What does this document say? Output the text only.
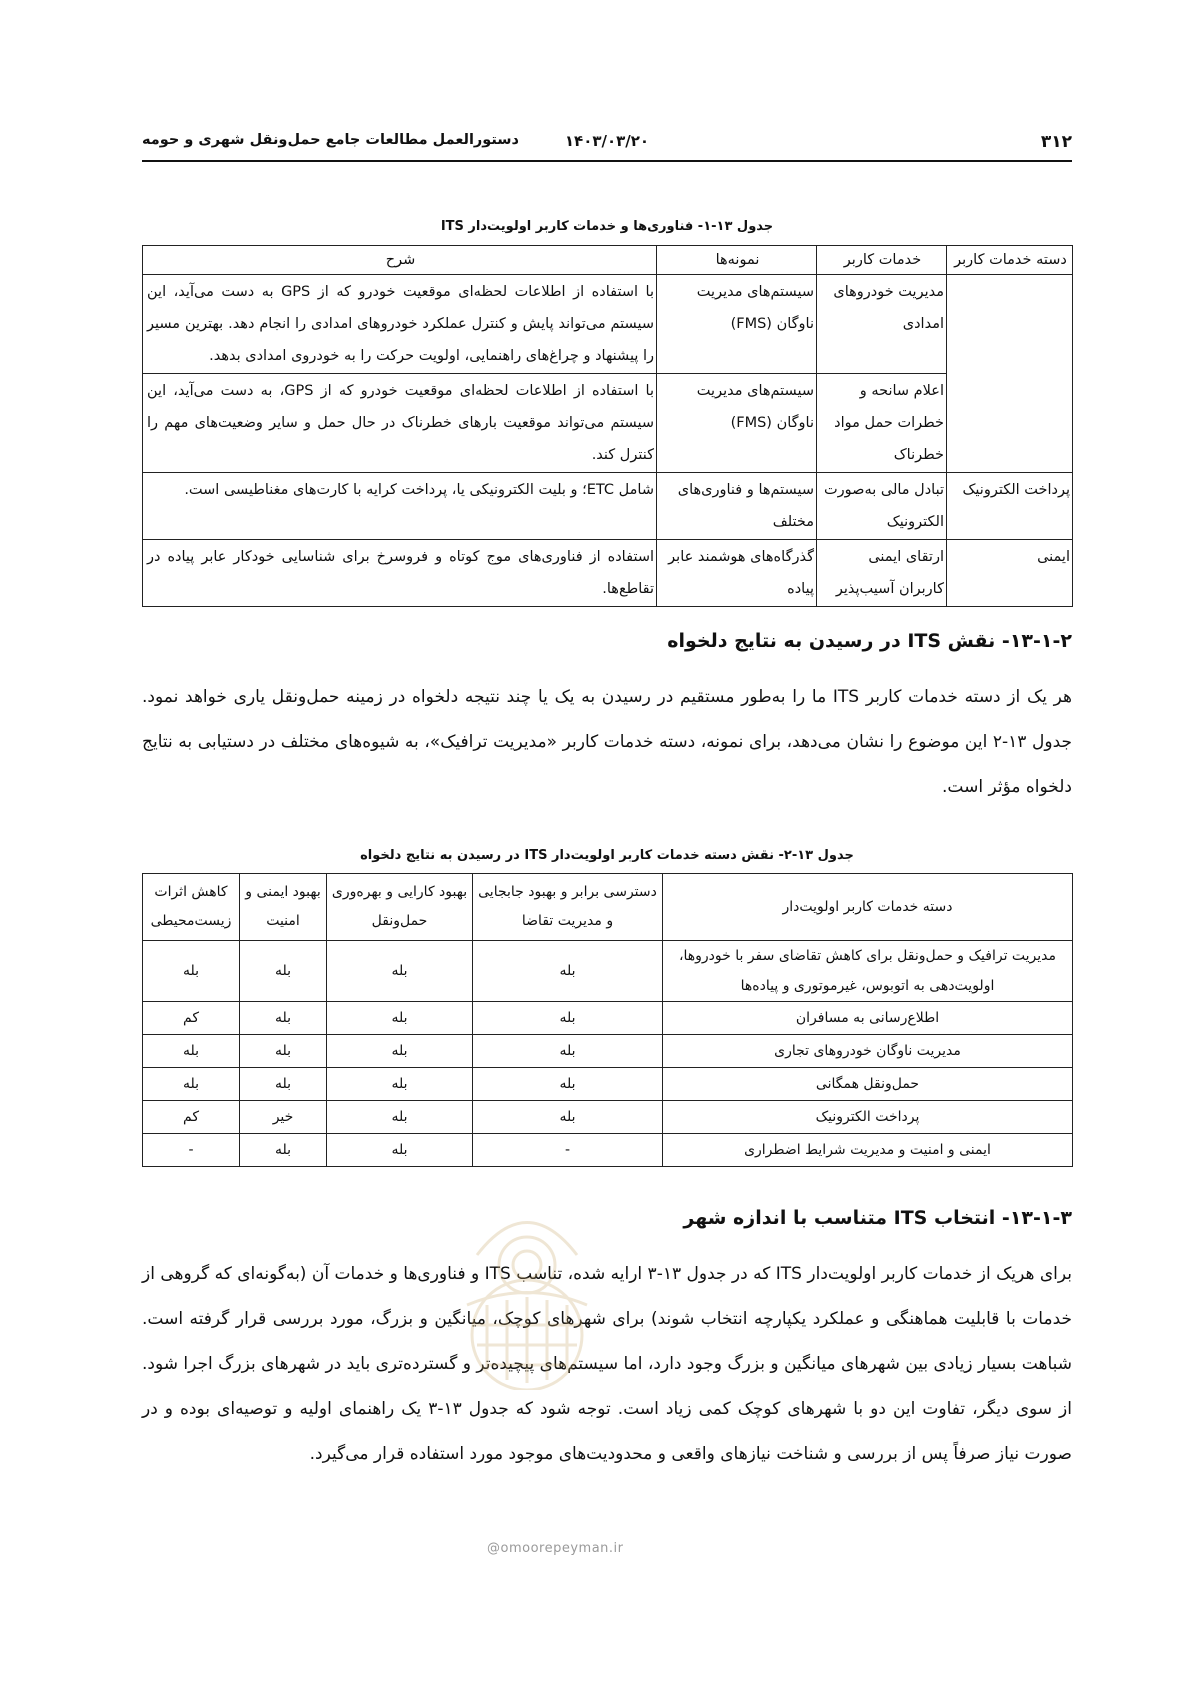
۳۱۲
۱۴۰۳/۰۳/۲۰
دستورالعمل مطالعات جامع حمل‌ونقل شهری و حومه
جدول ۱۳-۱- فناوری‌ها و خدمات کاربر اولویت‌دار ITS
دسته خدمات کاربر	خدمات کاربر	نمونه‌ها	شرح
	مدیریت خودروهای امدادی	سیستم‌های مدیریت ناوگان (FMS)	با استفاده از اطلاعات لحظه‌ای موقعیت خودرو که از GPS به دست می‌آید، این سیستم می‌تواند پایش و کنترل عملکرد خودروهای امدادی را انجام دهد. بهترین مسیر را پیشنهاد و چراغ‌های راهنمایی، اولویت حرکت را به خودروی امدادی بدهد.
	اعلام سانحه و خطرات حمل مواد خطرناک	سیستم‌های مدیریت ناوگان (FMS)	با استفاده از اطلاعات لحظه‌ای موقعیت خودرو که از GPS، به دست می‌آید، این سیستم می‌تواند موقعیت بارهای خطرناک در حال حمل و سایر وضعیت‌های مهم را کنترل کند.
پرداخت الکترونیک	تبادل مالی به‌صورت الکترونیک	سیستم‌ها و فناوری‌های مختلف	شامل ETC؛ و بلیت الکترونیکی یا، پرداخت کرایه با کارت‌های مغناطیسی است.
ایمنی	ارتقای ایمنی کاربران آسیب‌پذیر	گذرگاه‌های هوشمند عابر پیاده	استفاده از فناوری‌های موج کوتاه و فروسرخ برای شناسایی خودکار عابر پیاده در تقاطع‌ها.
۱۳-۱-۲- نقش ITS در رسیدن به نتایج دلخواه
هر یک از دسته خدمات کاربر ITS ما را به‌طور مستقیم در رسیدن به یک یا چند نتیجه دلخواه در زمینه حمل‌ونقل یاری خواهد نمود. جدول ۱۳-۲ این موضوع را نشان می‌دهد، برای نمونه، دسته خدمات کاربر «مدیریت ترافیک»، به شیوه‌های مختلف در دستیابی به نتایج دلخواه مؤثر است.
جدول ۱۳-۲- نقش دسته خدمات کاربر اولویت‌دار ITS در رسیدن به نتایج دلخواه
دسته خدمات کاربر اولویت‌دار	دسترسی برابر و بهبود جابجایی و مدیریت تقاضا	بهبود کارایی و بهره‌وری حمل‌ونقل	بهبود ایمنی و امنیت	کاهش اثرات زیست‌محیطی
مدیریت ترافیک و حمل‌ونقل برای کاهش تقاضای سفر با خودروها، اولویت‌دهی به اتوبوس، غیرموتوری و پیاده‌ها	بله	بله	بله	بله
اطلاع‌رسانی به مسافران	بله	بله	بله	کم
مدیریت ناوگان خودروهای تجاری	بله	بله	بله	بله
حمل‌ونقل همگانی	بله	بله	بله	بله
پرداخت الکترونیک	بله	بله	خیر	کم
ایمنی و امنیت و مدیریت شرایط اضطراری	-	بله	بله	-
۱۳-۱-۳- انتخاب ITS متناسب با اندازه شهر
برای هریک از خدمات کاربر اولویت‌دار ITS که در جدول ۱۳-۳ ارایه شده، تناسب ITS و فناوری‌ها و خدمات آن (به‌گونه‌ای که گروهی از خدمات با قابلیت هماهنگی و عملکرد یکپارچه انتخاب شوند) برای شهرهای کوچک، میانگین و بزرگ، مورد بررسی قرار گرفته است. شباهت بسیار زیادی بین شهرهای میانگین و بزرگ وجود دارد، اما سیستم‌های پیچیده‌تر و گسترده‌تری باید در شهرهای بزرگ اجرا شود. از سوی دیگر، تفاوت این دو با شهرهای کوچک کمی زیاد است. توجه شود که جدول ۱۳-۳ یک راهنمای اولیه و توصیه‌ای بوده و در صورت نیاز صرفاً پس از بررسی و شناخت نیازهای واقعی و محدودیت‌های موجود مورد استفاده قرار می‌گیرد.
@omoorepeyman.ir
